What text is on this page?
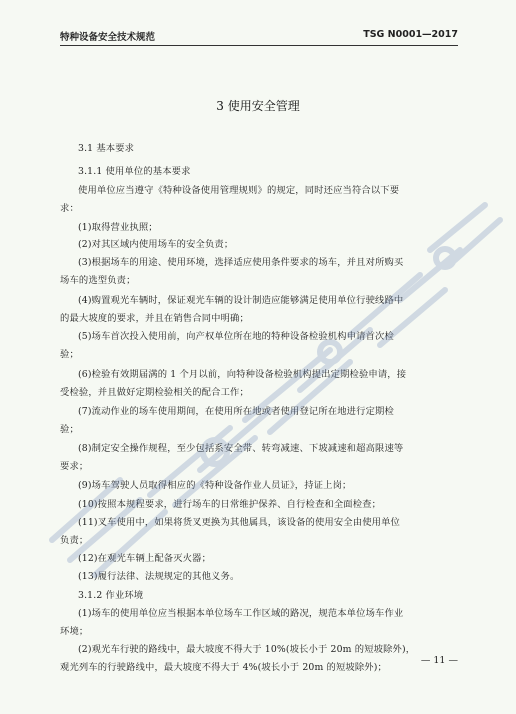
特种设备安全技术规范	TSG N0001—2017
3 使用安全管理
3.1 基本要求
3.1.1 使用单位的基本要求
使用单位应当遵守《特种设备使用管理规则》的规定，同时还应当符合以下要
求：
(1)取得营业执照；
(2)对其区域内使用场车的安全负责；
(3)根据场车的用途、使用环境，选择适应使用条件要求的场车，并且对所购买
场车的选型负责；
(4)购置观光车辆时，保证观光车辆的设计制造应能够满足使用单位行驶线路中
的最大坡度的要求，并且在销售合同中明确；
(5)场车首次投入使用前，向产权单位所在地的特种设备检验机构申请首次检
验；
(6)检验有效期届满的 1 个月以前，向特种设备检验机构提出定期检验申请，接
受检验，并且做好定期检验相关的配合工作；
(7)流动作业的场车使用期间，在使用所在地或者使用登记所在地进行定期检
验；
(8)制定安全操作规程，至少包括系安全带、转弯减速、下坡减速和超高限速等
要求；
(9)场车驾驶人员取得相应的《特种设备作业人员证》，持证上岗；
(10)按照本规程要求，进行场车的日常维护保养、自行检查和全面检查；
(11)叉车使用中，如果将货叉更换为其他属具，该设备的使用安全由使用单位
负责；
(12)在观光车辆上配备灭火器；
(13)履行法律、法规规定的其他义务。
3.1.2 作业环境
(1)场车的使用单位应当根据本单位场车工作区域的路况，规范本单位场车作业
环境；
(2)观光车行驶的路线中，最大坡度不得大于 10%(坡长小于 20m 的短坡除外)，
观光列车的行驶路线中，最大坡度不得大于 4%(坡长小于 20m 的短坡除外)；
— 11 —
